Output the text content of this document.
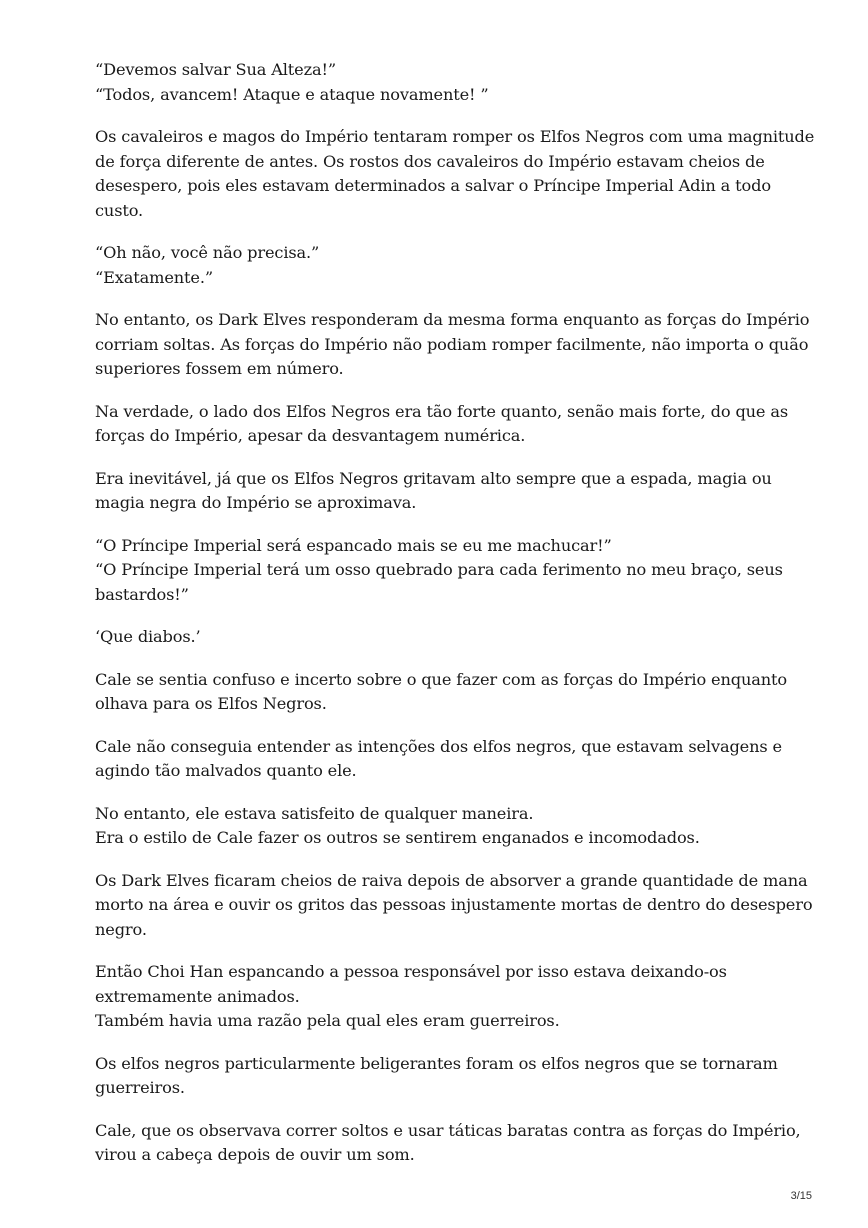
“Devemos salvar Sua Alteza!”
“Todos, avancem! Ataque e ataque novamente! ”

Os cavaleiros e magos do Império tentaram romper os Elfos Negros com uma magnitude
de força diferente de antes. Os rostos dos cavaleiros do Império estavam cheios de
desespero, pois eles estavam determinados a salvar o Príncipe Imperial Adin a todo
custo.

“Oh não, você não precisa.”
“Exatamente.”

No entanto, os Dark Elves responderam da mesma forma enquanto as forças do Império
corriam soltas. As forças do Império não podiam romper facilmente, não importa o quão
superiores fossem em número.

Na verdade, o lado dos Elfos Negros era tão forte quanto, senão mais forte, do que as
forças do Império, apesar da desvantagem numérica.

Era inevitável, já que os Elfos Negros gritavam alto sempre que a espada, magia ou
magia negra do Império se aproximava.

“O Príncipe Imperial será espancado mais se eu me machucar!”
“O Príncipe Imperial terá um osso quebrado para cada ferimento no meu braço, seus
bastardos!”

‘Que diabos.’

Cale se sentia confuso e incerto sobre o que fazer com as forças do Império enquanto
olhava para os Elfos Negros.

Cale não conseguia entender as intenções dos elfos negros, que estavam selvagens e
agindo tão malvados quanto ele.

No entanto, ele estava satisfeito de qualquer maneira.
Era o estilo de Cale fazer os outros se sentirem enganados e incomodados.

Os Dark Elves ficaram cheios de raiva depois de absorver a grande quantidade de mana
morto na área e ouvir os gritos das pessoas injustamente mortas de dentro do desespero
negro.

Então Choi Han espancando a pessoa responsável por isso estava deixando-os
extremamente animados.
Também havia uma razão pela qual eles eram guerreiros.

Os elfos negros particularmente beligerantes foram os elfos negros que se tornaram
guerreiros.

Cale, que os observava correr soltos e usar táticas baratas contra as forças do Império,
virou a cabeça depois de ouvir um som.

3/15
